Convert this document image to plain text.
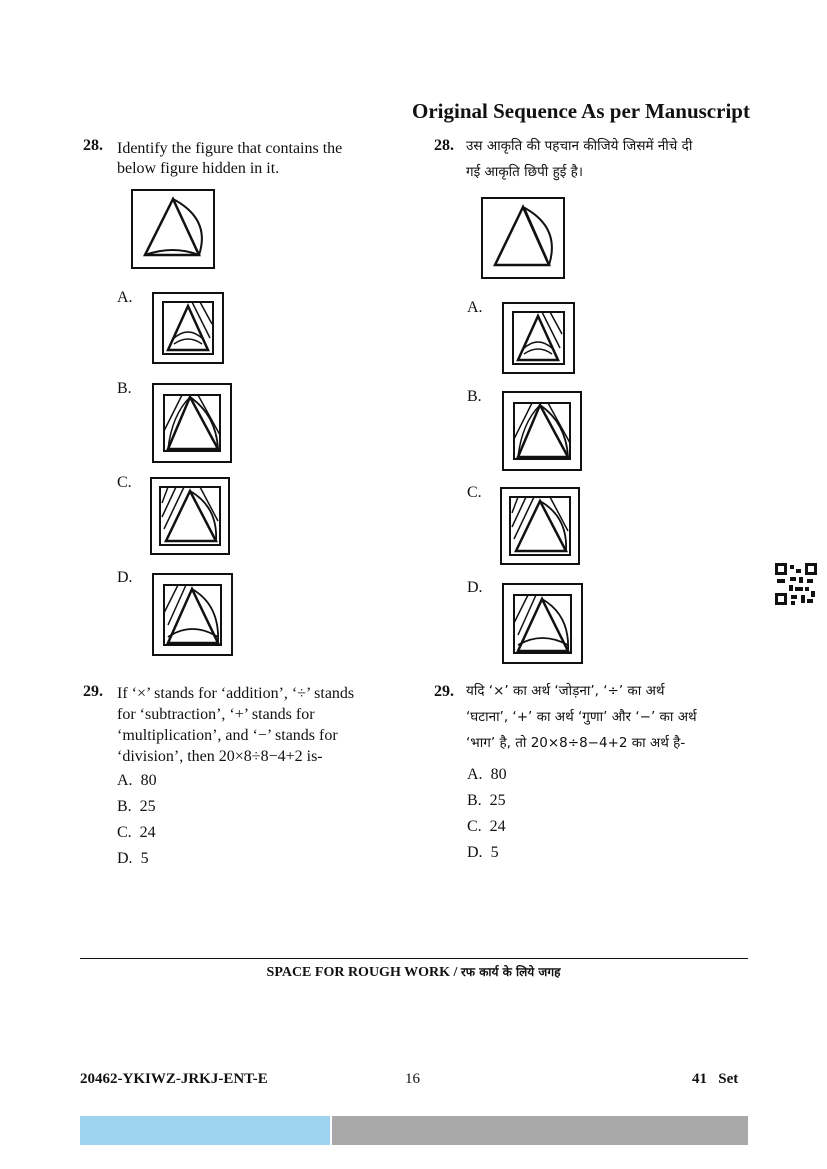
Original Sequence As per Manuscript
28. Identify the figure that contains the
below figure hidden in it.
A.
B.
C.
D.
28. उस आकृति की पहचान कीजिये जिसमें नीचे दी
गई आकृति छिपी हुई है।
A.
B.
C.
D.
29. If ‘×’ stands for ‘addition’, ‘÷’ stands
for ‘subtraction’, ‘+’ stands for
‘multiplication’, and ‘−’ stands for
‘division’, then 20×8÷8−4+2 is-
A. 80
B. 25
C. 24
D. 5
29. यदि ‘×’ का अर्थ ‘जोड़ना’, ‘÷’ का अर्थ
‘घटाना’, ‘+’ का अर्थ ‘गुणा’ और ‘−’ का अर्थ
‘भाग’ है, तो 20×8÷8−4+2 का अर्थ है-
A. 80
B. 25
C. 24
D. 5
SPACE FOR ROUGH WORK / रफ कार्य के लिये जगह
20462-YKIWZ-JRKJ-ENT-E	16	41   Set
